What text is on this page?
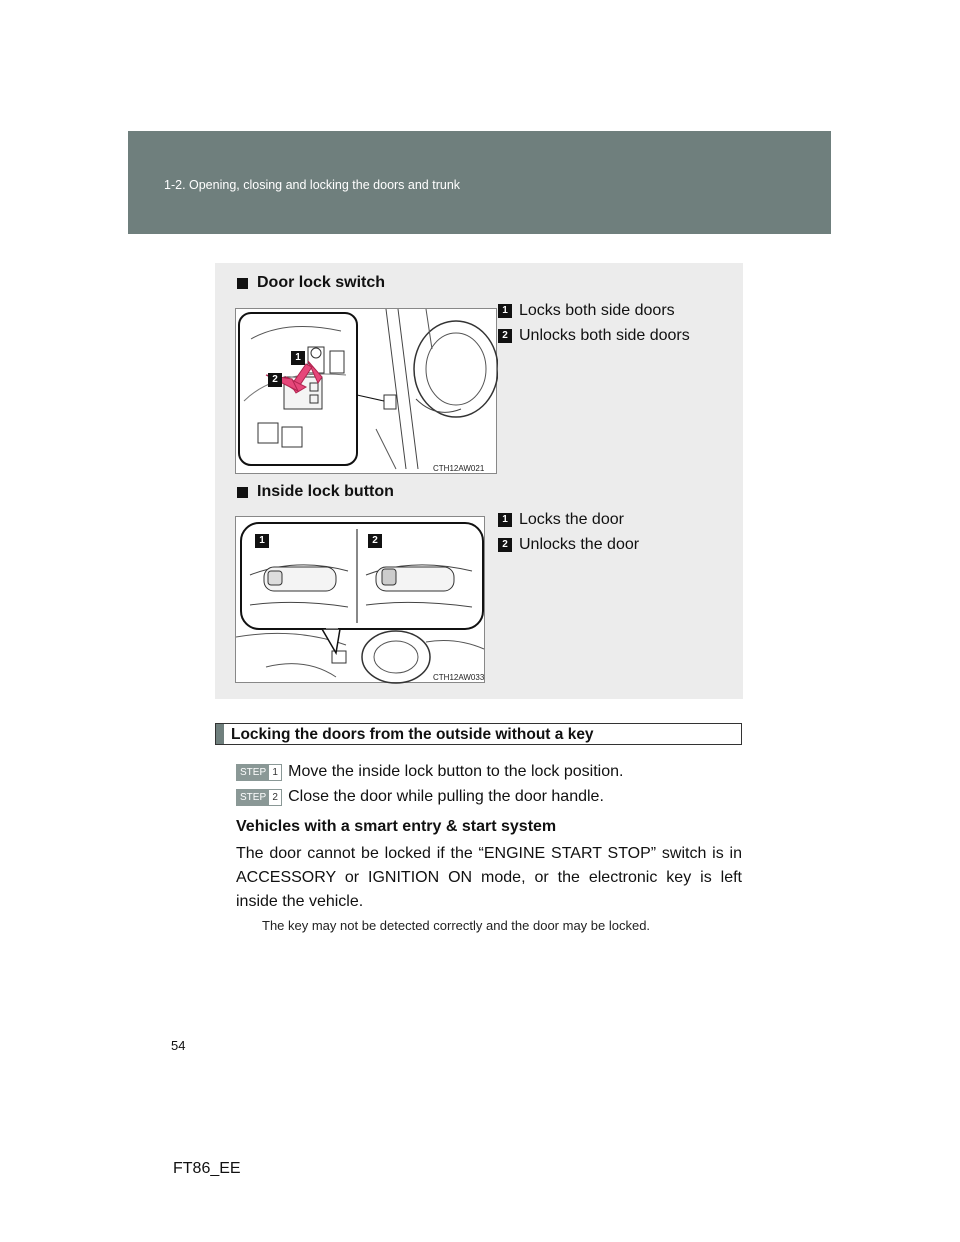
1-2. Opening, closing and locking the doors and trunk
Door lock switch
1
2
CTH12AW021
1 Locks both side doors
2 Unlocks both side doors
Inside lock button
1	2
CTH12AW033
1 Locks the door
2 Unlocks the door
Locking the doors from the outside without a key
STEP 1 Move the inside lock button to the lock position.
STEP 2 Close the door while pulling the door handle.
Vehicles with a smart entry & start system
The door cannot be locked if the “ENGINE START STOP” switch is in ACCESSORY or IGNITION ON mode, or the electronic key is left inside the vehicle.
The key may not be detected correctly and the door may be locked.
54
FT86_EE
